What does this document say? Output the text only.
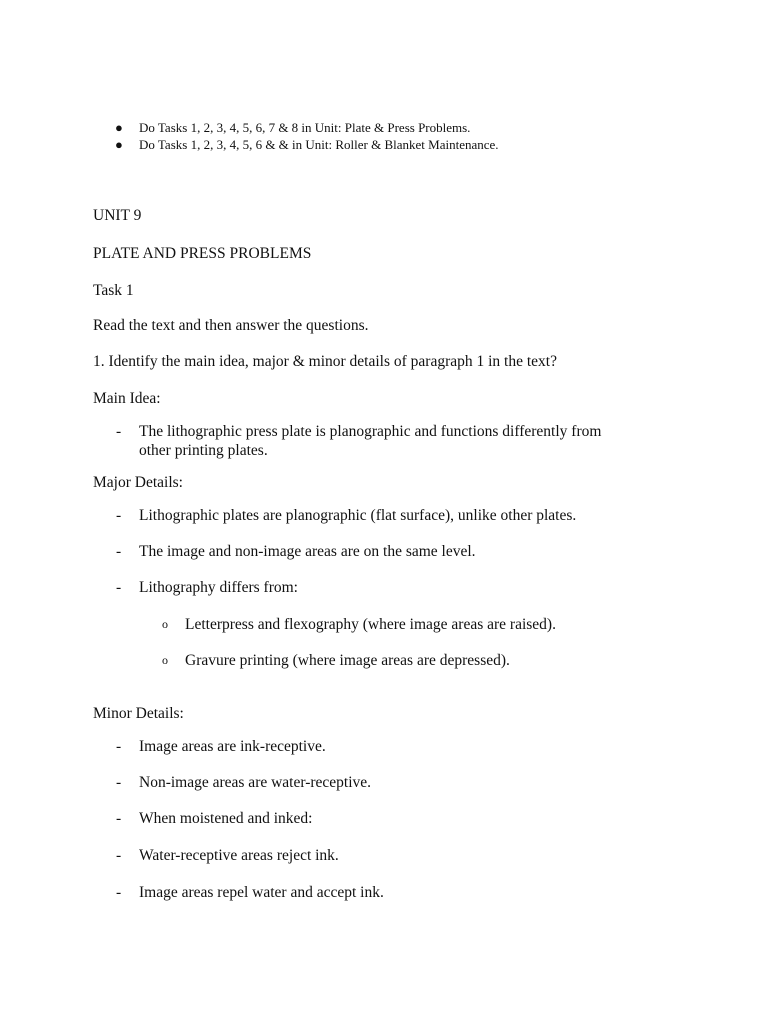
● Do Tasks 1, 2, 3, 4, 5, 6, 7 & 8 in Unit: Plate & Press Problems.
● Do Tasks 1, 2, 3, 4, 5, 6 & & in Unit: Roller & Blanket Maintenance.
UNIT 9
PLATE AND PRESS PROBLEMS
Task 1
Read the text and then answer the questions.
1. Identify the main idea, major & minor details of paragraph 1 in the text?
Main Idea:
- The lithographic press plate is planographic and functions differently from
other printing plates.
Major Details:
- Lithographic plates are planographic (flat surface), unlike other plates.
- The image and non-image areas are on the same level.
- Lithography differs from:
o Letterpress and flexography (where image areas are raised).
o Gravure printing (where image areas are depressed).
Minor Details:
- Image areas are ink-receptive.
- Non-image areas are water-receptive.
- When moistened and inked:
- Water-receptive areas reject ink.
- Image areas repel water and accept ink.
